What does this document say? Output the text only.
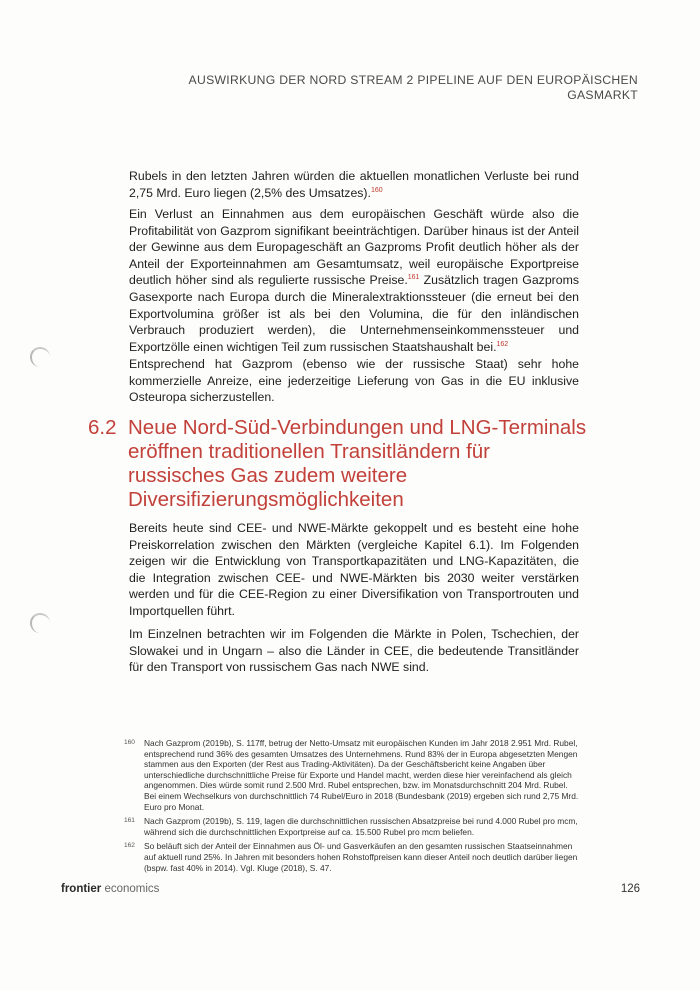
AUSWIRKUNG DER NORD STREAM 2 PIPELINE AUF DEN EUROPÄISCHEN
GASMARKT
Rubels in den letzten Jahren würden die aktuellen monatlichen Verluste bei rund 2,75 Mrd. Euro liegen (2,5% des Umsatzes).$^{160}$
Ein Verlust an Einnahmen aus dem europäischen Geschäft würde also die Profitabilität von Gazprom signifikant beeinträchtigen. Darüber hinaus ist der Anteil der Gewinne aus dem Europageschäft an Gazproms Profit deutlich höher als der Anteil der Exporteinnahmen am Gesamtumsatz, weil europäische Exportpreise deutlich höher sind als regulierte russische Preise.$^{161}$ Zusätzlich tragen Gazproms Gasexporte nach Europa durch die Mineralextraktionssteuer (die erneut bei den Exportvolumina größer ist als bei den Volumina, die für den inländischen Verbrauch produziert werden), die Unternehmenseinkommenssteuer und Exportzölle einen wichtigen Teil zum russischen Staatshaushalt bei.$^{162}$
Entsprechend hat Gazprom (ebenso wie der russische Staat) sehr hohe kommerzielle Anreize, eine jederzeitige Lieferung von Gas in die EU inklusive Osteuropa sicherzustellen.
6.2 Neue Nord-Süd-Verbindungen und LNG-Terminals eröffnen traditionellen Transitländern für russisches Gas zudem weitere Diversifizierungsmöglichkeiten
Bereits heute sind CEE- und NWE-Märkte gekoppelt und es besteht eine hohe Preiskorrelation zwischen den Märkten (vergleiche Kapitel 6.1). Im Folgenden zeigen wir die Entwicklung von Transportkapazitäten und LNG-Kapazitäten, die die Integration zwischen CEE- und NWE-Märkten bis 2030 weiter verstärken werden und für die CEE-Region zu einer Diversifikation von Transportrouten und Importquellen führt.
Im Einzelnen betrachten wir im Folgenden die Märkte in Polen, Tschechien, der Slowakei und in Ungarn – also die Länder in CEE, die bedeutende Transitländer für den Transport von russischem Gas nach NWE sind.
160 Nach Gazprom (2019b), S. 117ff, betrug der Netto-Umsatz mit europäischen Kunden im Jahr 2018 2.951 Mrd. Rubel, entsprechend rund 36% des gesamten Umsatzes des Unternehmens. Rund 83% der in Europa abgesetzten Mengen stammen aus den Exporten (der Rest aus Trading-Aktivitäten). Da der Geschäftsbericht keine Angaben über unterschiedliche durchschnittliche Preise für Exporte und Handel macht, werden diese hier vereinfachend als gleich angenommen. Dies würde somit rund 2.500 Mrd. Rubel entsprechen, bzw. im Monatsdurchschnitt 204 Mrd. Rubel. Bei einem Wechselkurs von durchschnittlich 74 Rubel/Euro in 2018 (Bundesbank (2019) ergeben sich rund 2,75 Mrd. Euro pro Monat.
161 Nach Gazprom (2019b), S. 119, lagen die durchschnittlichen russischen Absatzpreise bei rund 4.000 Rubel pro mcm, während sich die durchschnittlichen Exportpreise auf ca. 15.500 Rubel pro mcm beliefen.
162 So beläuft sich der Anteil der Einnahmen aus Öl- und Gasverkäufen an den gesamten russischen Staatseinnahmen auf aktuell rund 25%. In Jahren mit besonders hohen Rohstoffpreisen kann dieser Anteil noch deutlich darüber liegen (bspw. fast 40% in 2014). Vgl. Kluge (2018), S. 47.
frontier economics	126
